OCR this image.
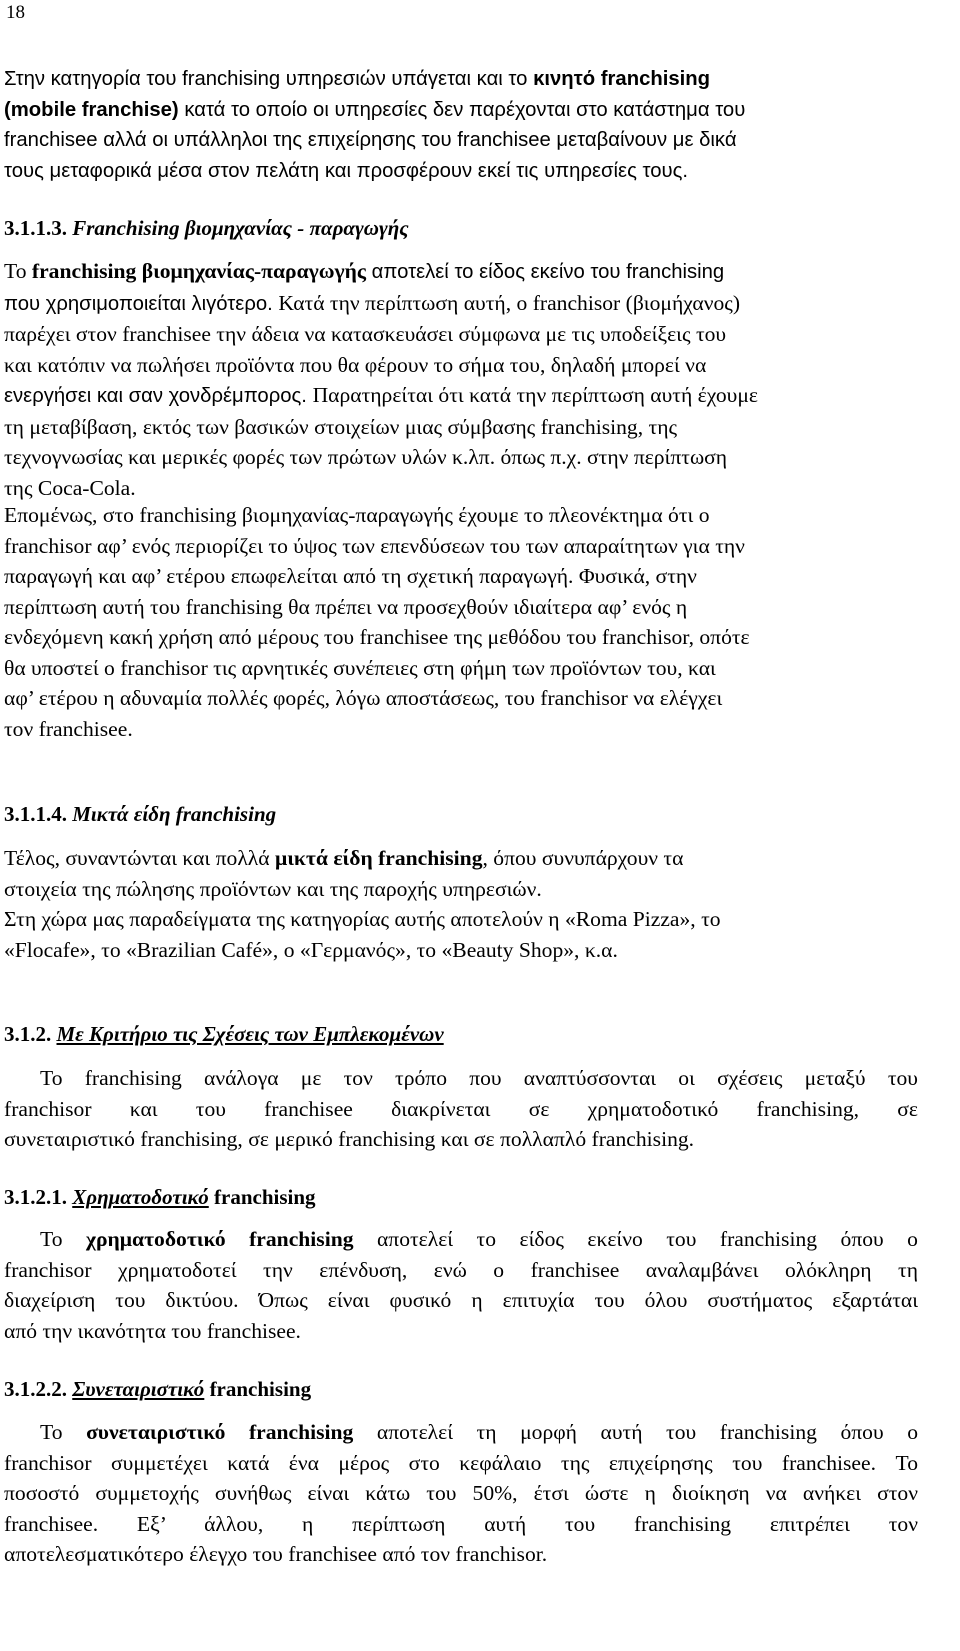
18
Στην κατηγορία του franchising υπηρεσιών υπάγεται και το κινητό franchising
(mobile franchise) κατά το οποίο οι υπηρεσίες δεν παρέχονται στο κατάστημα του
franchisee αλλά οι υπάλληλοι της επιχείρησης του franchisee μεταβαίνουν με δικά
τους μεταφορικά μέσα στον πελάτη και προσφέρουν εκεί τις υπηρεσίες τους.
3.1.1.3. Franchising βιομηχανίας - παραγωγής
Το franchising βιομηχανίας-παραγωγής αποτελεί το είδος εκείνο του franchising
που χρησιμοποιείται λιγότερο. Κατά την περίπτωση αυτή, ο franchisor (βιομήχανος)
παρέχει στον franchisee την άδεια να κατασκευάσει σύμφωνα με τις υποδείξεις του
και κατόπιν να πωλήσει προϊόντα που θα φέρουν το σήμα του, δηλαδή μπορεί να
ενεργήσει και σαν χονδρέμπορος. Παρατηρείται ότι κατά την περίπτωση αυτή έχουμε
τη μεταβίβαση, εκτός των βασικών στοιχείων μιας σύμβασης franchising, της
τεχνογνωσίας και μερικές φορές των πρώτων υλών κ.λπ. όπως π.χ. στην περίπτωση
της Coca-Cola.
Επομένως, στο franchising βιομηχανίας-παραγωγής έχουμε το πλεονέκτημα ότι ο
franchisor αφ’ ενός περιορίζει το ύψος των επενδύσεων του των απαραίτητων για την
παραγωγή και αφ’ ετέρου επωφελείται από τη σχετική παραγωγή. Φυσικά, στην
περίπτωση αυτή του franchising θα πρέπει να προσεχθούν ιδιαίτερα αφ’ ενός η
ενδεχόμενη κακή χρήση από μέρους του franchisee της μεθόδου του franchisor, οπότε
θα υποστεί ο franchisor τις αρνητικές συνέπειες στη φήμη των προϊόντων του, και
αφ’ ετέρου η αδυναμία πολλές φορές, λόγω αποστάσεως, του franchisor να ελέγχει
τον franchisee.
3.1.1.4. Μικτά είδη franchising
Τέλος, συναντώνται και πολλά μικτά είδη franchising, όπου συνυπάρχουν τα
στοιχεία της πώλησης προϊόντων και της παροχής υπηρεσιών.
Στη χώρα μας παραδείγματα της κατηγορίας αυτής αποτελούν η «Roma Pizza», το
«Flocafe», το «Brazilian Café», ο «Γερμανός», το «Beauty Shop», κ.α.
3.1.2. Με Κριτήριο τις Σχέσεις των Εμπλεκομένων
Το franchising ανάλογα με τον τρόπο που αναπτύσσονται οι σχέσεις μεταξύ του
franchisor και του franchisee διακρίνεται σε χρηματοδοτικό franchising, σε
συνεταιριστικό franchising, σε μερικό franchising και σε πολλαπλό franchising.
3.1.2.1. Χρηματοδοτικό franchising
Το χρηματοδοτικό franchising αποτελεί το είδος εκείνο του franchising όπου ο
franchisor χρηματοδοτεί την επένδυση, ενώ ο franchisee αναλαμβάνει ολόκληρη τη
διαχείριση του δικτύου. Όπως είναι φυσικό η επιτυχία του όλου συστήματος εξαρτάται
από την ικανότητα του franchisee.
3.1.2.2. Συνεταιριστικό franchising
Το συνεταιριστικό franchising αποτελεί τη μορφή αυτή του franchising όπου ο
franchisor συμμετέχει κατά ένα μέρος στο κεφάλαιο της επιχείρησης του franchisee. Το
ποσοστό συμμετοχής συνήθως είναι κάτω του 50%, έτσι ώστε η διοίκηση να ανήκει στον
franchisee. Εξ’ άλλου, η περίπτωση αυτή του franchising επιτρέπει τον
αποτελεσματικότερο έλεγχο του franchisee από τον franchisor.
